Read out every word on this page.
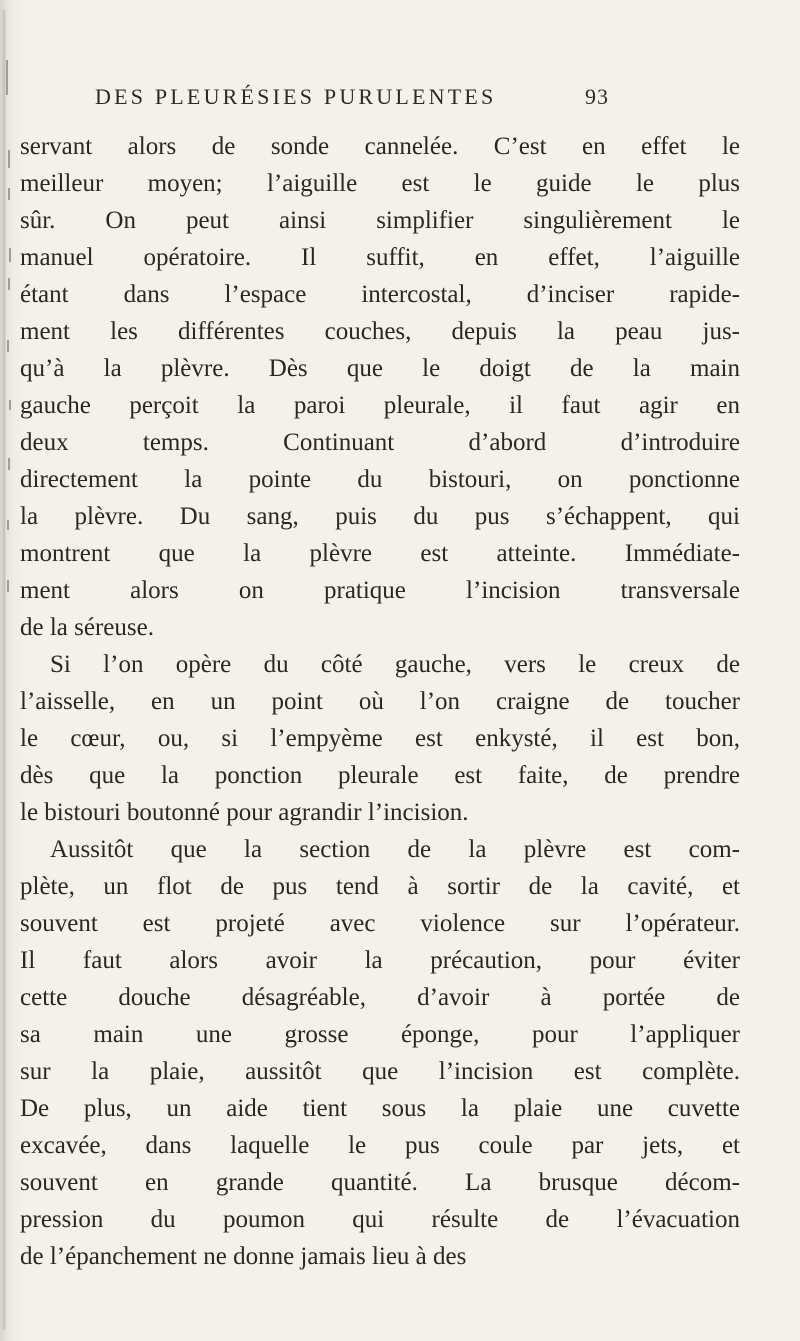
DES PLEURÉSIES PURULENTES	93
servant alors de sonde cannelée. C’est en effet le
meilleur moyen; l’aiguille est le guide le plus
sûr. On peut ainsi simplifier singulièrement le
manuel opératoire. Il suffit, en effet, l’aiguille
étant dans l’espace intercostal, d’inciser rapide-
ment les différentes couches, depuis la peau jus-
qu’à la plèvre. Dès que le doigt de la main
gauche perçoit la paroi pleurale, il faut agir en
deux temps. Continuant d’abord d’introduire
directement la pointe du bistouri, on ponctionne
la plèvre. Du sang, puis du pus s’échappent, qui
montrent que la plèvre est atteinte. Immédiate-
ment alors on pratique l’incision transversale
de la séreuse.
Si l’on opère du côté gauche, vers le creux de
l’aisselle, en un point où l’on craigne de toucher
le cœur, ou, si l’empyème est enkysté, il est bon,
dès que la ponction pleurale est faite, de prendre
le bistouri boutonné pour agrandir l’incision.
Aussitôt que la section de la plèvre est com-
plète, un flot de pus tend à sortir de la cavité, et
souvent est projeté avec violence sur l’opérateur.
Il faut alors avoir la précaution, pour éviter
cette douche désagréable, d’avoir à portée de
sa main une grosse éponge, pour l’appliquer
sur la plaie, aussitôt que l’incision est complète.
De plus, un aide tient sous la plaie une cuvette
excavée, dans laquelle le pus coule par jets, et
souvent en grande quantité. La brusque décom-
pression du poumon qui résulte de l’évacuation
de l’épanchement ne donne jamais lieu à des
